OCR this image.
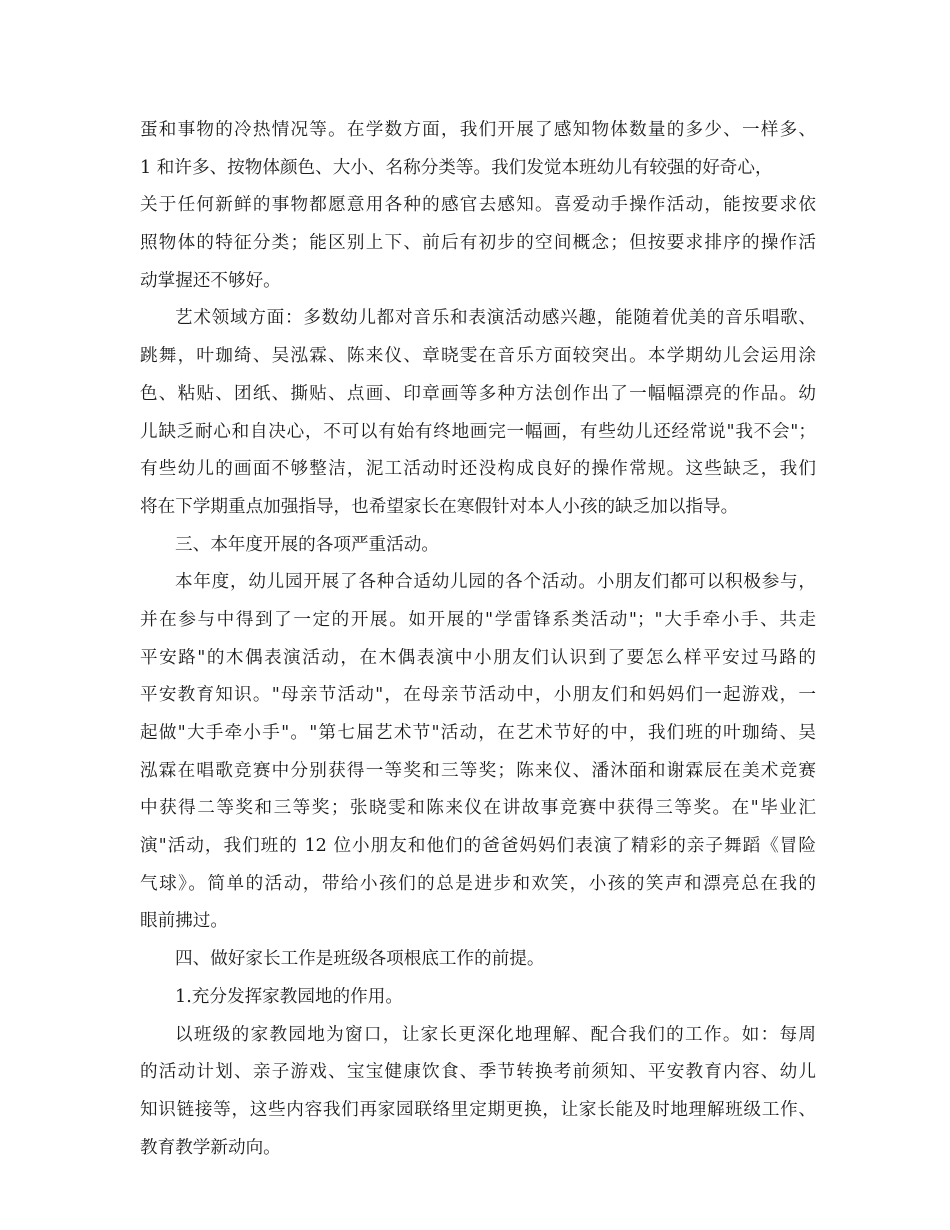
蛋和事物的冷热情况等。在学数方面，我们开展了感知物体数量的多少、一样多、
1 和许多、按物体颜色、大小、名称分类等。我们发觉本班幼儿有较强的好奇心，
关于任何新鲜的事物都愿意用各种的感官去感知。喜爱动手操作活动，能按要求依
照物体的特征分类；能区别上下、前后有初步的空间概念；但按要求排序的操作活
动掌握还不够好。
艺术领域方面：多数幼儿都对音乐和表演活动感兴趣，能随着优美的音乐唱歌、
跳舞，叶珈绮、吴泓霖、陈来仪、章晓雯在音乐方面较突出。本学期幼儿会运用涂
色、粘贴、团纸、撕贴、点画、印章画等多种方法创作出了一幅幅漂亮的作品。幼
儿缺乏耐心和自决心，不可以有始有终地画完一幅画，有些幼儿还经常说"我不会"；
有些幼儿的画面不够整洁，泥工活动时还没构成良好的操作常规。这些缺乏，我们
将在下学期重点加强指导，也希望家长在寒假针对本人小孩的缺乏加以指导。
三、本年度开展的各项严重活动。
本年度，幼儿园开展了各种合适幼儿园的各个活动。小朋友们都可以积极参与，
并在参与中得到了一定的开展。如开展的"学雷锋系类活动"；"大手牵小手、共走
平安路"的木偶表演活动，在木偶表演中小朋友们认识到了要怎么样平安过马路的
平安教育知识。"母亲节活动"，在母亲节活动中，小朋友们和妈妈们一起游戏，一
起做"大手牵小手"。"第七届艺术节"活动，在艺术节好的中，我们班的叶珈绮、吴
泓霖在唱歌竞赛中分别获得一等奖和三等奖；陈来仪、潘沐皕和谢霖辰在美术竞赛
中获得二等奖和三等奖；张晓雯和陈来仪在讲故事竞赛中获得三等奖。在"毕业汇
演"活动，我们班的 12 位小朋友和他们的爸爸妈妈们表演了精彩的亲子舞蹈《冒险
气球》。简单的活动，带给小孩们的总是进步和欢笑，小孩的笑声和漂亮总在我的
眼前拂过。
四、做好家长工作是班级各项根底工作的前提。
1.充分发挥家教园地的作用。
以班级的家教园地为窗口，让家长更深化地理解、配合我们的工作。如：每周
的活动计划、亲子游戏、宝宝健康饮食、季节转换考前须知、平安教育内容、幼儿
知识链接等，这些内容我们再家园联络里定期更换，让家长能及时地理解班级工作、
教育教学新动向。
